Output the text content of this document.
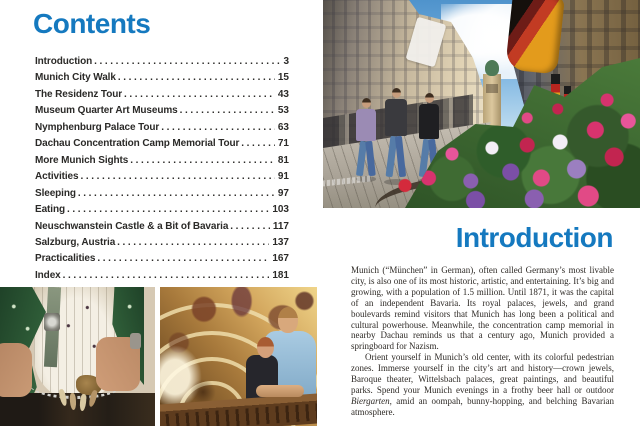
Contents
Introduction .....	3
Munich City Walk .....	15
The Residenz Tour .....	43
Museum Quarter Art Museums .....	53
Nymphenburg Palace Tour .....	63
Dachau Concentration Camp Memorial Tour .....	71
More Munich Sights .....	81
Activities .....	91
Sleeping .....	97
Eating .....	103
Neuschwanstein Castle & a Bit of Bavaria .....	117
Salzburg, Austria .....	137
Practicalities .....	167
Index .....	181
Introduction

Munich (“München” in German), often called Germany’s most livable city, is also one of its most historic, artistic, and entertaining. It’s big and growing, with a population of 1.5 million. Until 1871, it was the capital of an independent Bavaria. Its royal palaces, jewels, and grand boulevards remind visitors that Munich has long been a political and cultural powerhouse. Meanwhile, the concentration camp memorial in nearby Dachau reminds us that a century ago, Munich provided a springboard for Nazism.

Orient yourself in Munich’s old center, with its colorful pedestrian zones. Immerse yourself in the city’s art and history—crown jewels, Baroque theater, Wittelsbach palaces, great paintings, and beautiful parks. Spend your Munich evenings in a frothy beer hall or outdoor Biergarten, amid an oompah, bunny-hopping, and belching Bavarian atmosphere.
